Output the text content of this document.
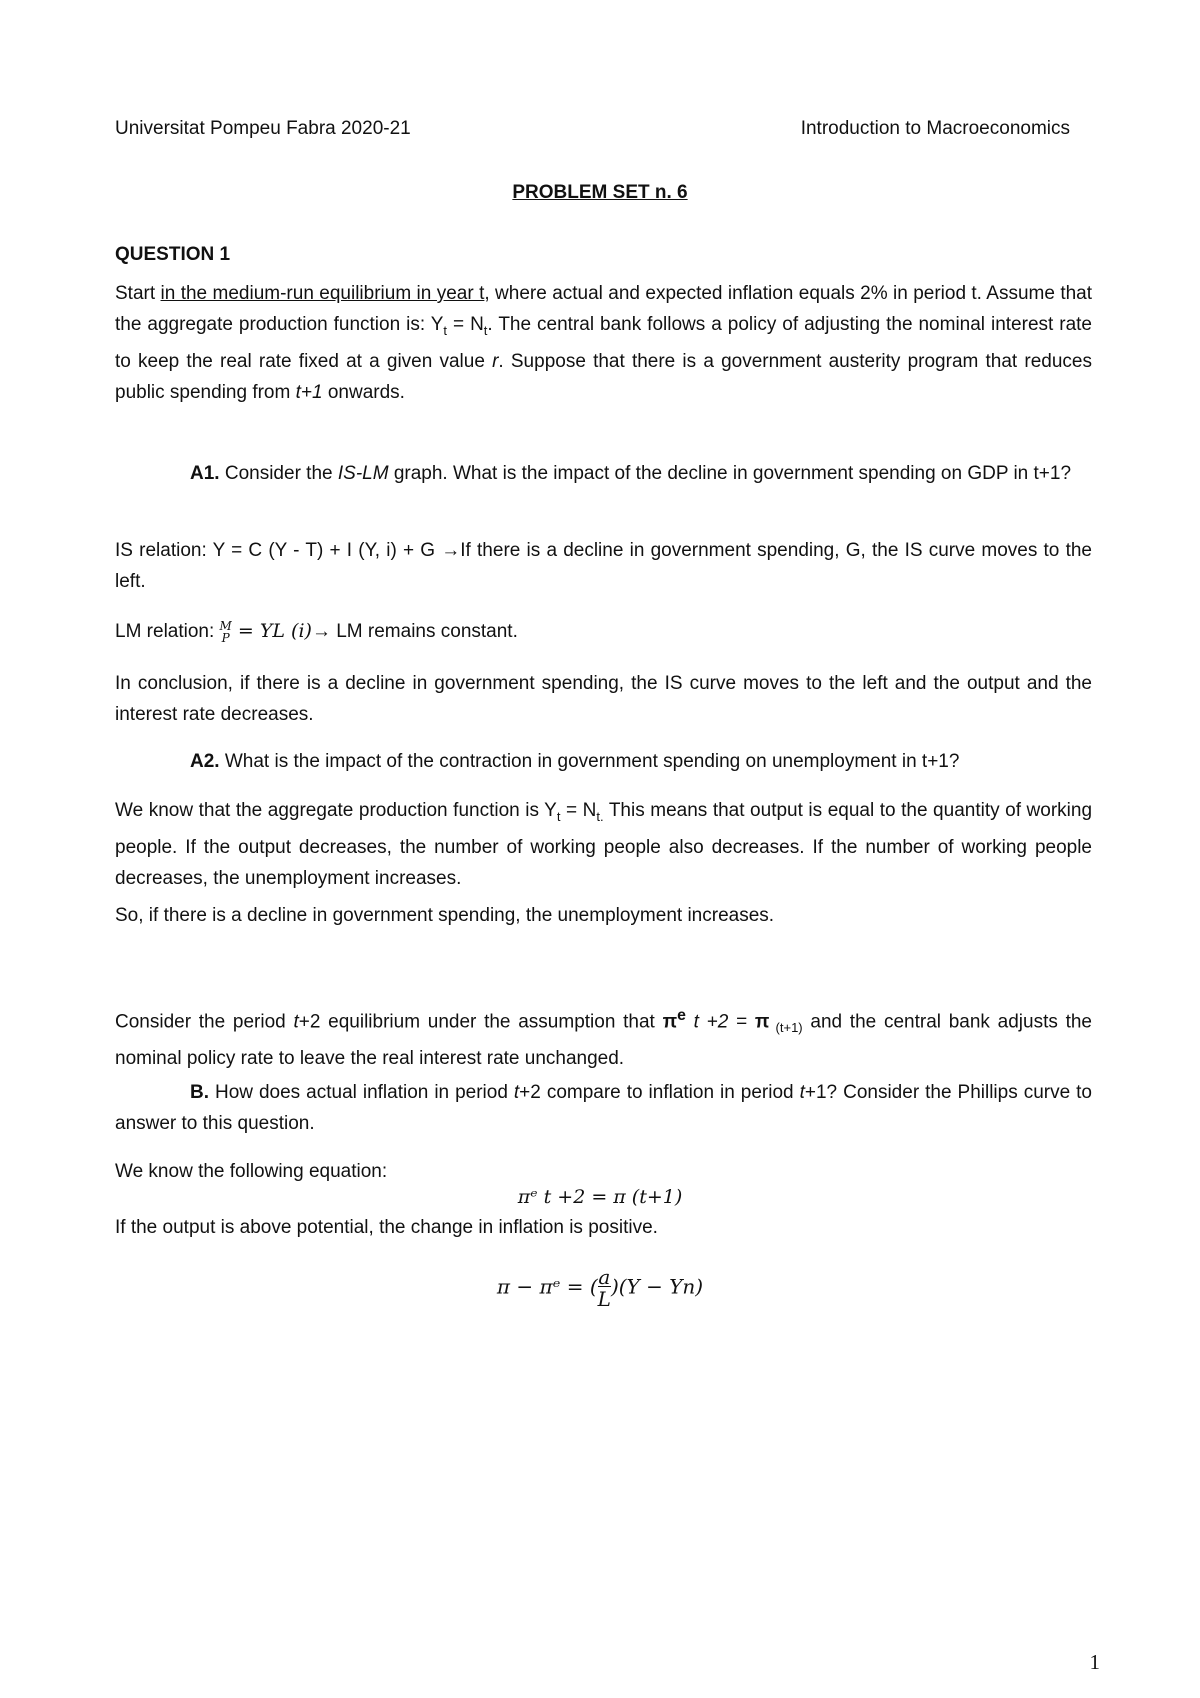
Universitat Pompeu Fabra 2020-21	Introduction to Macroeconomics
PROBLEM SET n. 6
QUESTION 1
Start in the medium-run equilibrium in year t, where actual and expected inflation equals 2% in period t. Assume that the aggregate production function is: $Y_t = N_t$. The central bank follows a policy of adjusting the nominal interest rate to keep the real rate fixed at a given value r. Suppose that there is a government austerity program that reduces public spending from t+1 onwards.
A1. Consider the IS-LM graph. What is the impact of the decline in government spending on GDP in t+1?
IS relation: Y = C (Y - T) + I (Y, i) + G →If there is a decline in government spending, G, the IS curve moves to the left.
LM relation: M
P = YL (i)→ LM remains constant.
In conclusion, if there is a decline in government spending, the IS curve moves to the left and the output and the interest rate decreases.
A2. What is the impact of the contraction in government spending on unemployment in t+1?
We know that the aggregate production function is $Y_t = N_{t.}$ This means that output is equal to the quantity of working people. If the output decreases, the number of working people also decreases. If the number of working people decreases, the unemployment increases.
So, if there is a decline in government spending, the unemployment increases.
Consider the period t+2 equilibrium under the assumption that $\pi^e$ t +2 = π $_{(t+1)}$ and the central bank adjusts the nominal policy rate to leave the real interest rate unchanged.
B. How does actual inflation in period t+2 compare to inflation in period t+1? Consider the Phillips curve to answer to this question.
We know the following equation:
πᵉ t +2 = π (t+1)
If the output is above potential, the change in inflation is positive.
π − πᵉ = $(\frac{a}{L})(Y - Yn)$
1
